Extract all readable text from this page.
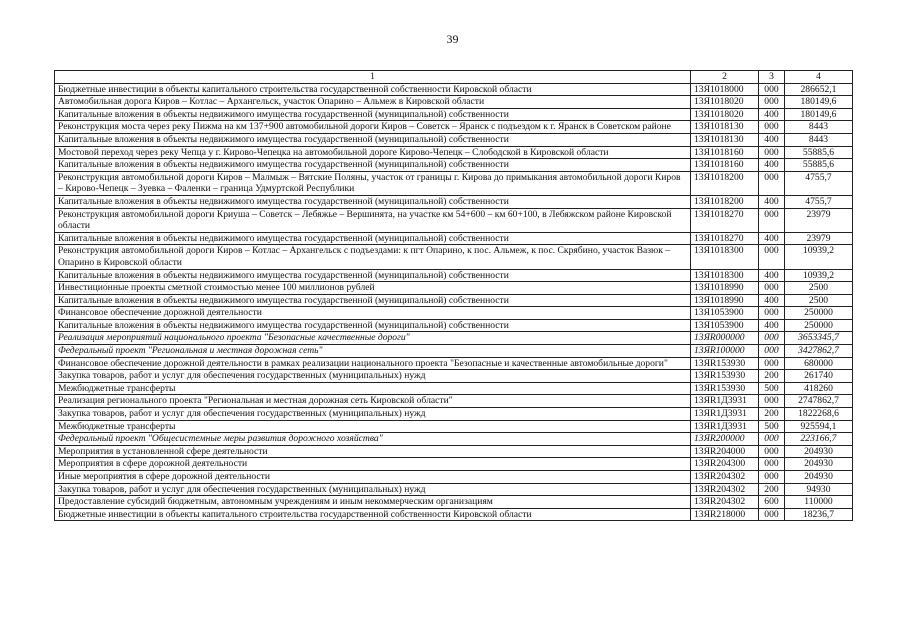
39
1	2	3	4
Бюджетные инвестиции в объекты капитального строительства государственной собственности Кировской области	13Я1018000	000	286652,1
Автомобильная дорога Киров – Котлас – Архангельск, участок Опарино – Альмеж в Кировской области	13Я1018020	000	180149,6
Капитальные вложения в объекты недвижимого имущества государственной (муниципальной) собственности	13Я1018020	400	180149,6
Реконструкция моста через реку Пижма на км 137+900 автомобильной дороги Киров – Советск – Яранск с подъездом к г. Яранск в Советском районе	13Я1018130	000	8443
Капитальные вложения в объекты недвижимого имущества государственной (муниципальной) собственности	13Я1018130	400	8443
Мостовой переход через реку Чепца у г. Кирово-Чепецка на автомобильной дороге Кирово-Чепецк – Слободской в Кировской области	13Я1018160	000	55885,6
Капитальные вложения в объекты недвижимого имущества государственной (муниципальной) собственности	13Я1018160	400	55885,6
Реконструкция автомобильной дороги Киров – Малмыж – Вятские Поляны, участок от границы г. Кирова до примыкания автомобильной дороги Киров – Кирово-Чепецк – Зуевка – Фаленки – граница Удмуртской Республики	13Я1018200	000	4755,7
Капитальные вложения в объекты недвижимого имущества государственной (муниципальной) собственности	13Я1018200	400	4755,7
Реконструкция автомобильной дороги Криуша – Советск – Лебяжье – Вершинята, на участке км 54+600 – км 60+100, в Лебяжском районе Кировской области	13Я1018270	000	23979
Капитальные вложения в объекты недвижимого имущества государственной (муниципальной) собственности	13Я1018270	400	23979
Реконструкция автомобильной дороги Киров – Котлас – Архангельск с подъездами: к пгт Опарино, к пос. Альмеж, к пос. Скрябино, участок Вазюк – Опарино в Кировской области	13Я1018300	000	10939,2
Капитальные вложения в объекты недвижимого имущества государственной (муниципальной) собственности	13Я1018300	400	10939,2
Инвестиционные проекты сметной стоимостью менее 100 миллионов рублей	13Я1018990	000	2500
Капитальные вложения в объекты недвижимого имущества государственной (муниципальной) собственности	13Я1018990	400	2500
Финансовое обеспечение дорожной деятельности	13Я1053900	000	250000
Капитальные вложения в объекты недвижимого имущества государственной (муниципальной) собственности	13Я1053900	400	250000
Реализация мероприятий национального проекта "Безопасные качественные дороги"	13ЯR000000	000	3653345,7
Федеральный проект "Региональная и местная дорожная сеть"	13ЯR100000	000	3427862,7
Финансовое обеспечение дорожной деятельности в рамках реализации национального проекта "Безопасные и качественные автомобильные дороги"	13ЯR153930	000	680000
Закупка товаров, работ и услуг для обеспечения государственных (муниципальных) нужд	13ЯR153930	200	261740
Межбюджетные трансферты	13ЯR153930	500	418260
Реализация регионального проекта "Региональная и местная дорожная сеть Кировской области"	13ЯR1Д3931	000	2747862,7
Закупка товаров, работ и услуг для обеспечения государственных (муниципальных) нужд	13ЯR1Д3931	200	1822268,6
Межбюджетные трансферты	13ЯR1Д3931	500	925594,1
Федеральный проект "Общесистемные меры развития дорожного хозяйства"	13ЯR200000	000	223166,7
Мероприятия в установленной сфере деятельности	13ЯR204000	000	204930
Мероприятия в сфере дорожной деятельности	13ЯR204300	000	204930
Иные мероприятия в сфере дорожной деятельности	13ЯR204302	000	204930
Закупка товаров, работ и услуг для обеспечения государственных (муниципальных) нужд	13ЯR204302	200	94930
Предоставление субсидий бюджетным, автономным учреждениям и иным некоммерческим организациям	13ЯR204302	600	110000
Бюджетные инвестиции в объекты капитального строительства государственной собственности Кировской области	13ЯR218000	000	18236,7
